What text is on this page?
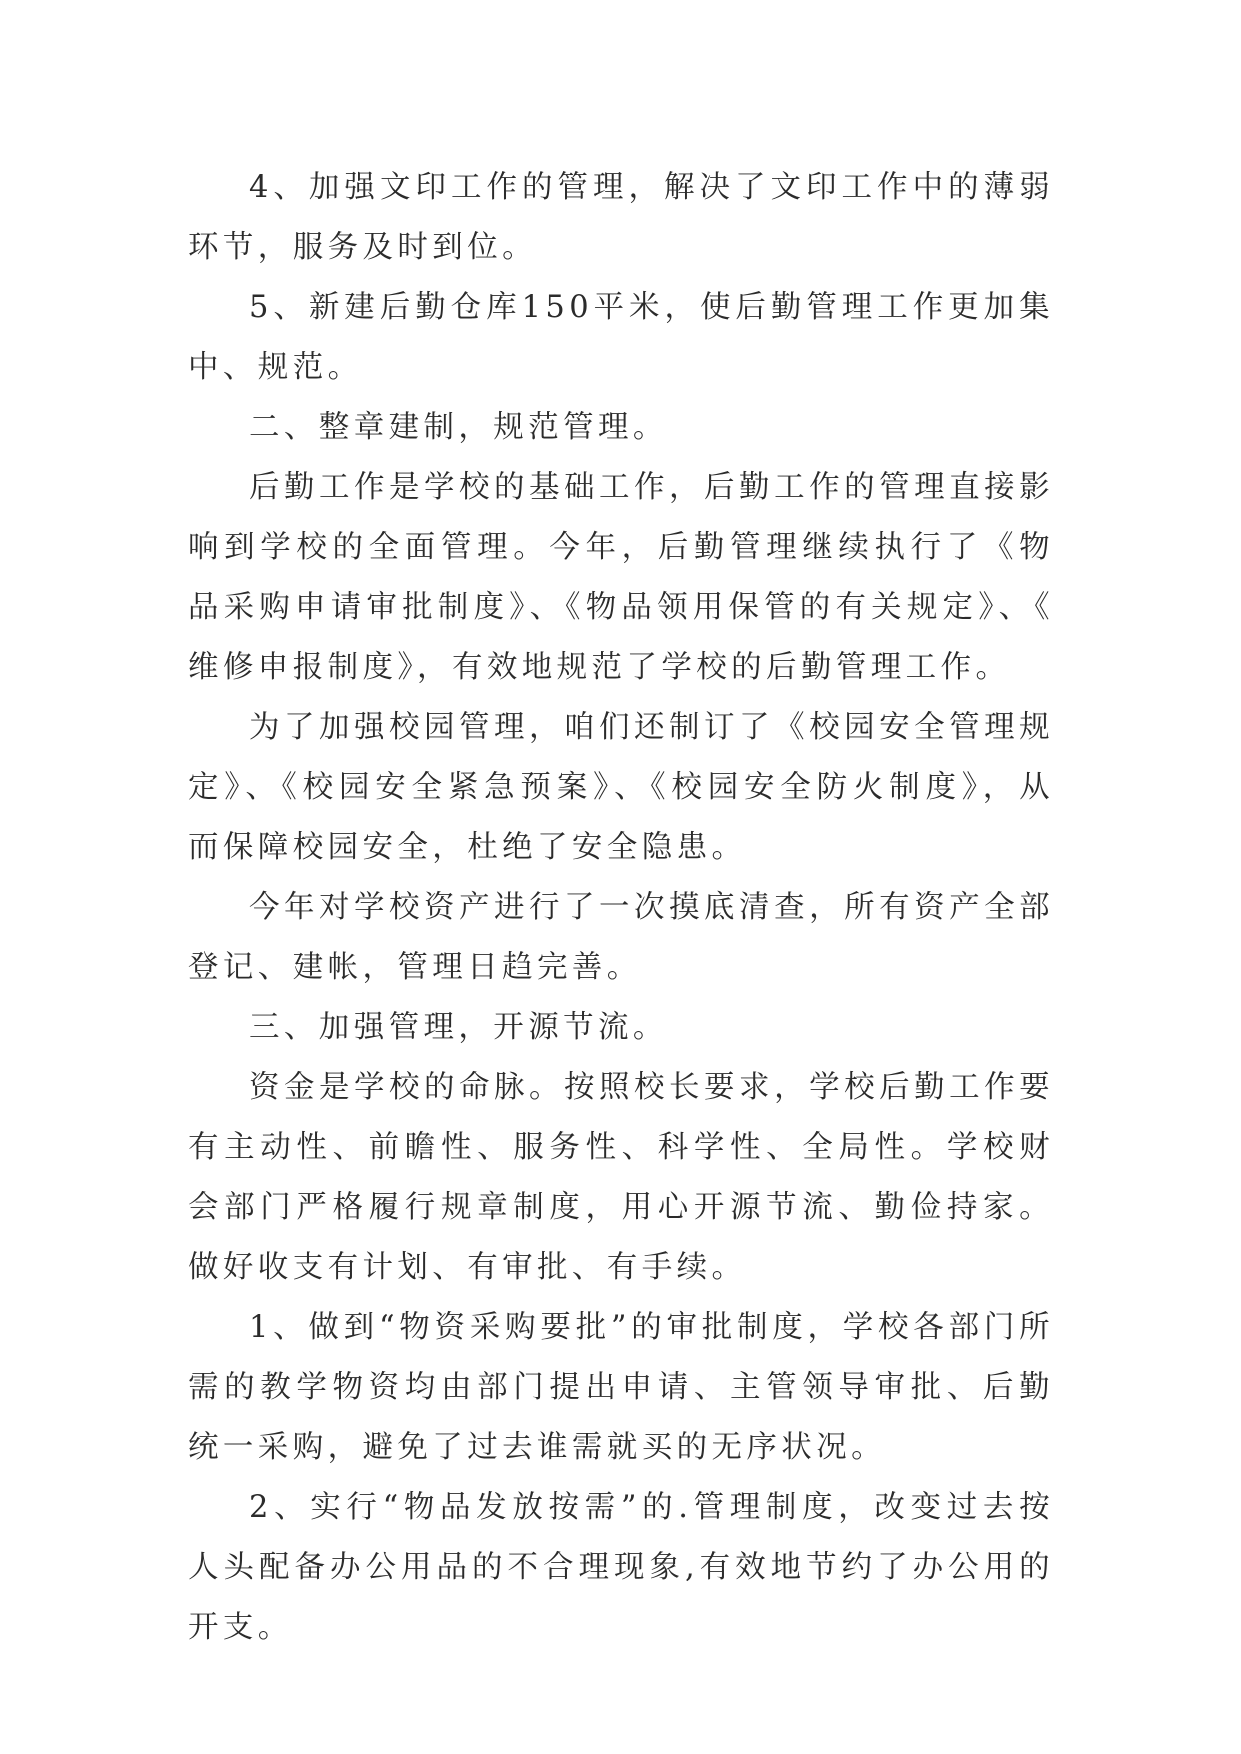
4、加强文印工作的管理，解决了文印工作中的薄弱环节，服务及时到位。

5、新建后勤仓库150平米，使后勤管理工作更加集中、规范。

二、整章建制，规范管理。

后勤工作是学校的基础工作，后勤工作的管理直接影响到学校的全面管理。今年，后勤管理继续执行了《物品采购申请审批制度》、《物品领用保管的有关规定》、《维修申报制度》，有效地规范了学校的后勤管理工作。

为了加强校园管理，咱们还制订了《校园安全管理规定》、《校园安全紧急预案》、《校园安全防火制度》，从而保障校园安全，杜绝了安全隐患。

今年对学校资产进行了一次摸底清查，所有资产全部登记、建帐，管理日趋完善。

三、加强管理，开源节流。

资金是学校的命脉。按照校长要求，学校后勤工作要有主动性、前瞻性、服务性、科学性、全局性。学校财会部门严格履行规章制度，用心开源节流、勤俭持家。做好收支有计划、有审批、有手续。

1、做到“物资采购要批”的审批制度，学校各部门所需的教学物资均由部门提出申请、主管领导审批、后勤统一采购，避免了过去谁需就买的无序状况。

2、实行“物品发放按需”的.管理制度，改变过去按人头配备办公用品的不合理现象,有效地节约了办公用的开支。
